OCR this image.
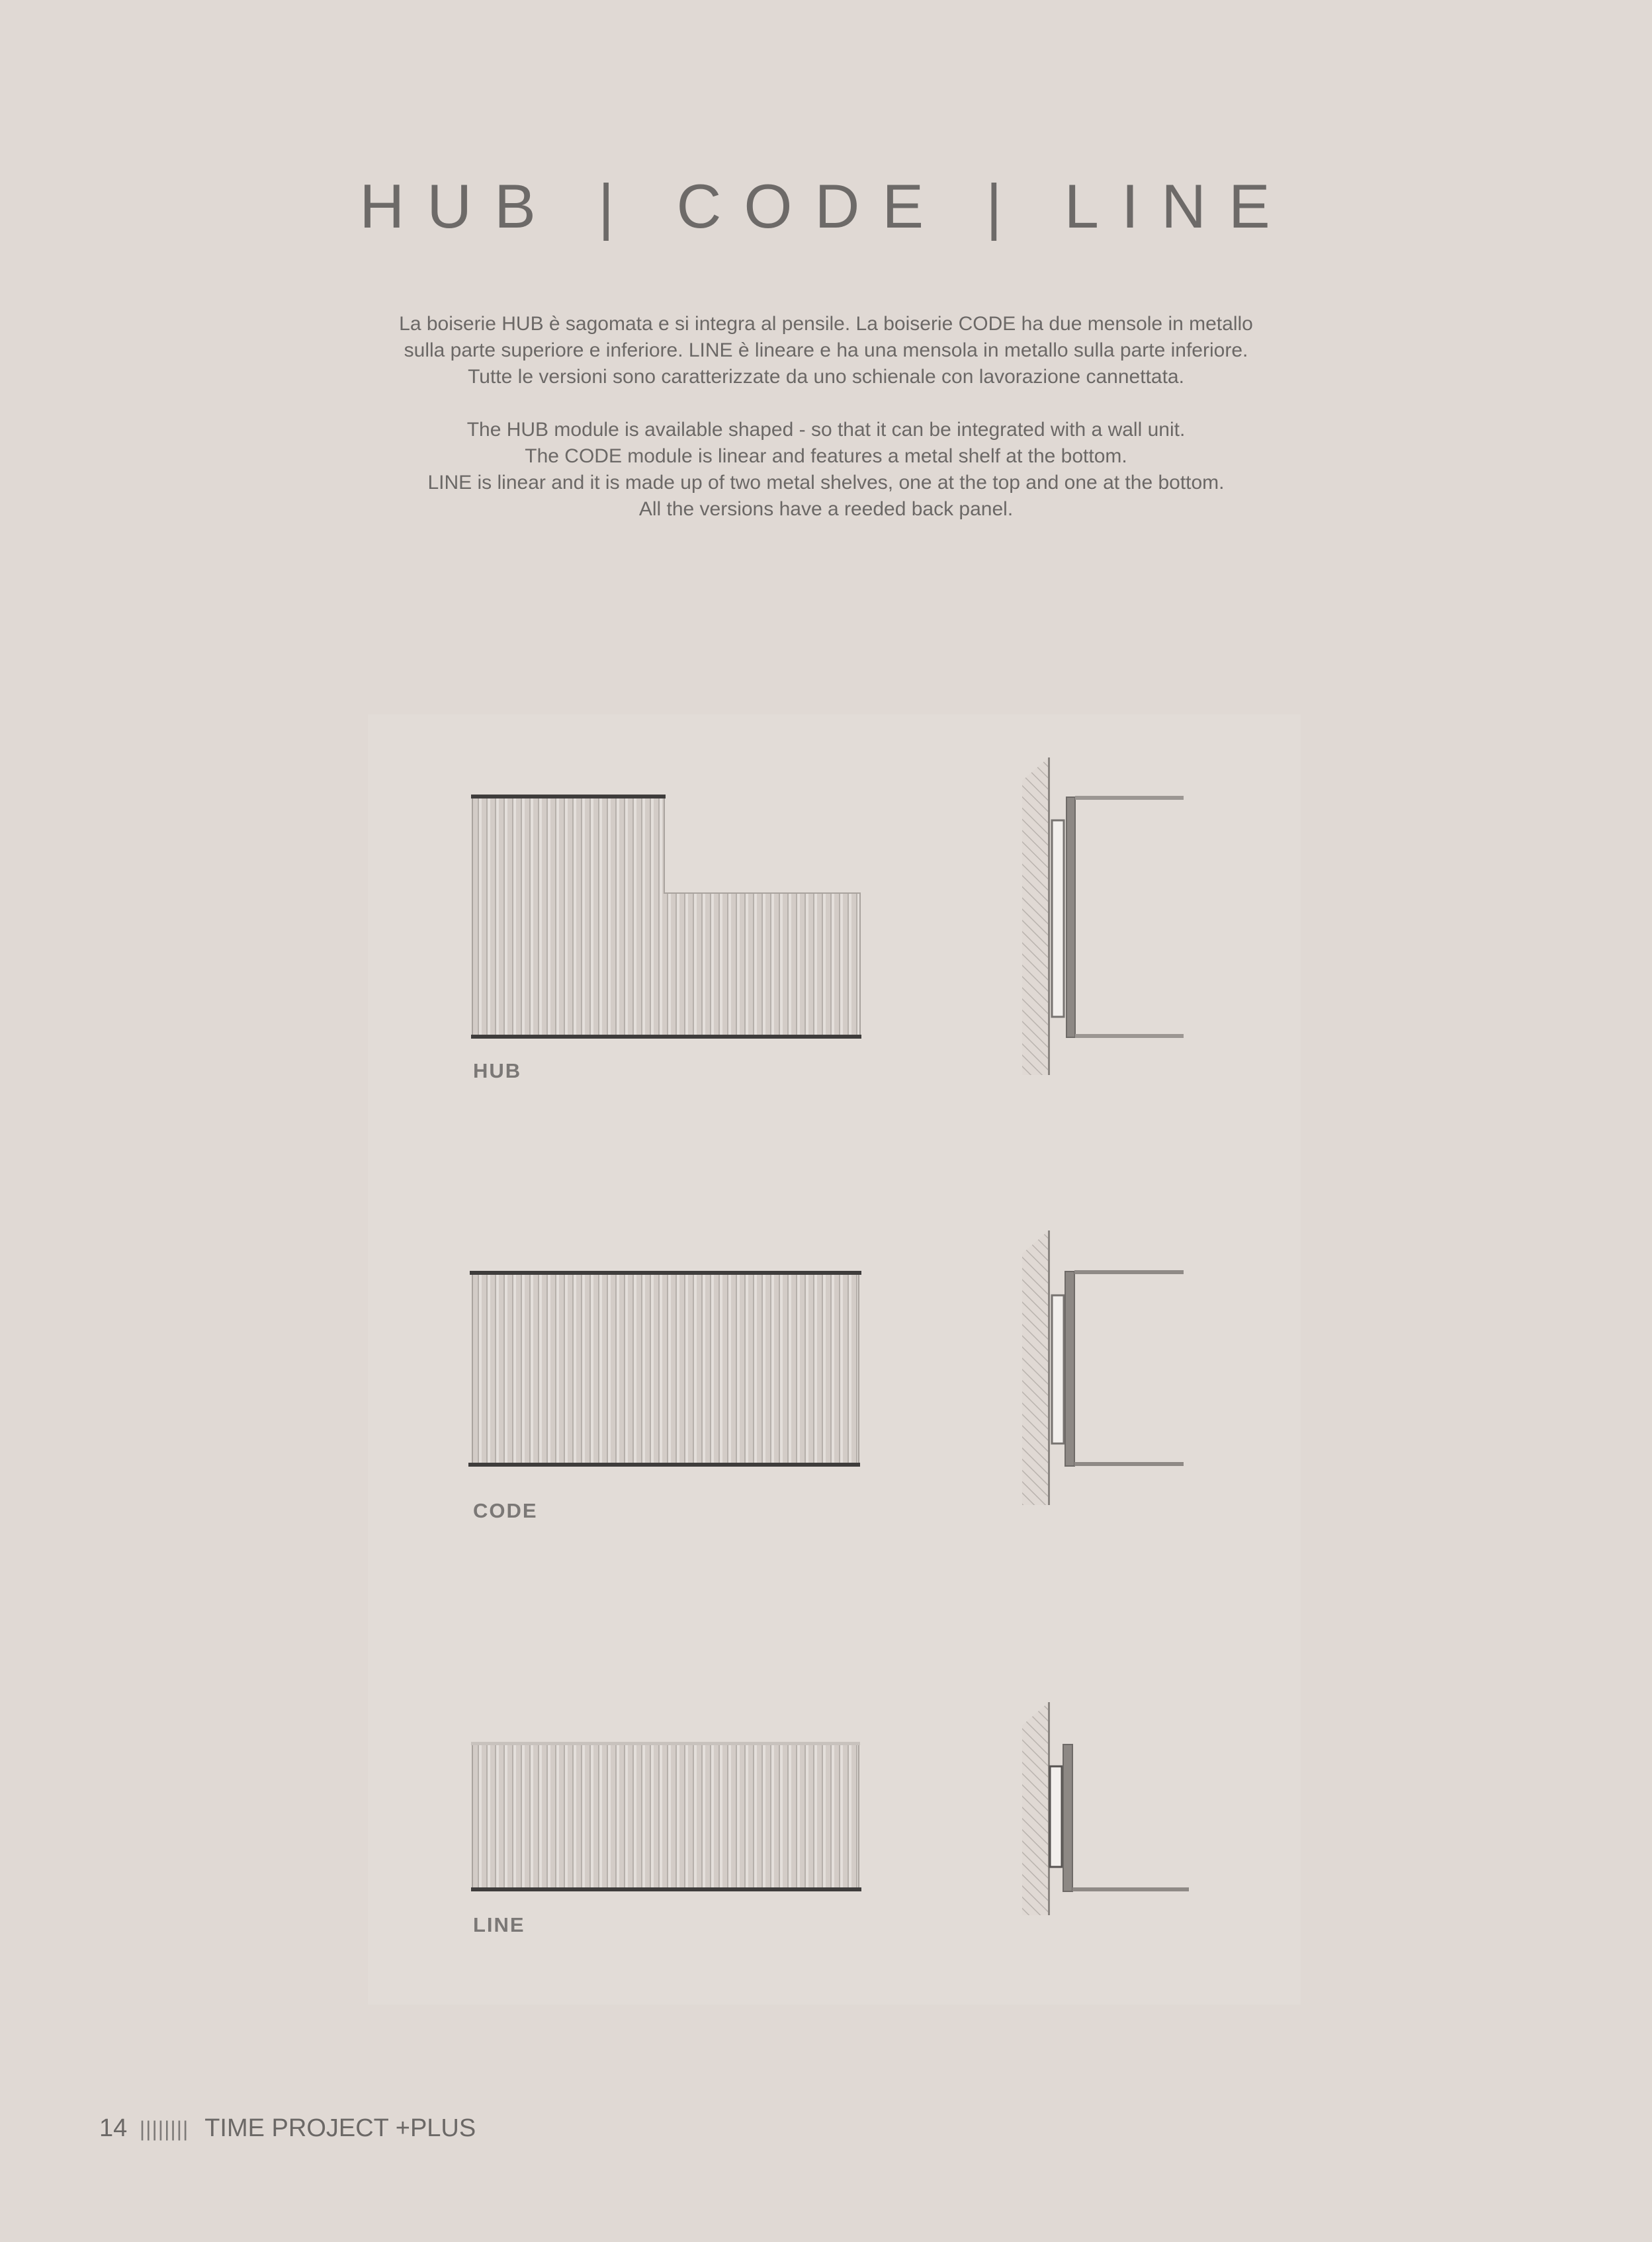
HUB | CODE | LINE
La boiserie HUB è sagomata e si integra al pensile. La boiserie CODE ha due mensole in metallo
sulla parte superiore e inferiore. LINE è lineare e ha una mensola in metallo sulla parte inferiore.
Tutte le versioni sono caratterizzate da uno schienale con lavorazione cannettata.
The HUB module is available shaped - so that it can be integrated with a wall unit.
The CODE module is linear and features a metal shelf at the bottom.
LINE is linear and it is made up of two metal shelves, one at the top and one at the bottom.
All the versions have a reeded back panel.
HUB
CODE
LINE
14 |||||||| TIME PROJECT +PLUS
